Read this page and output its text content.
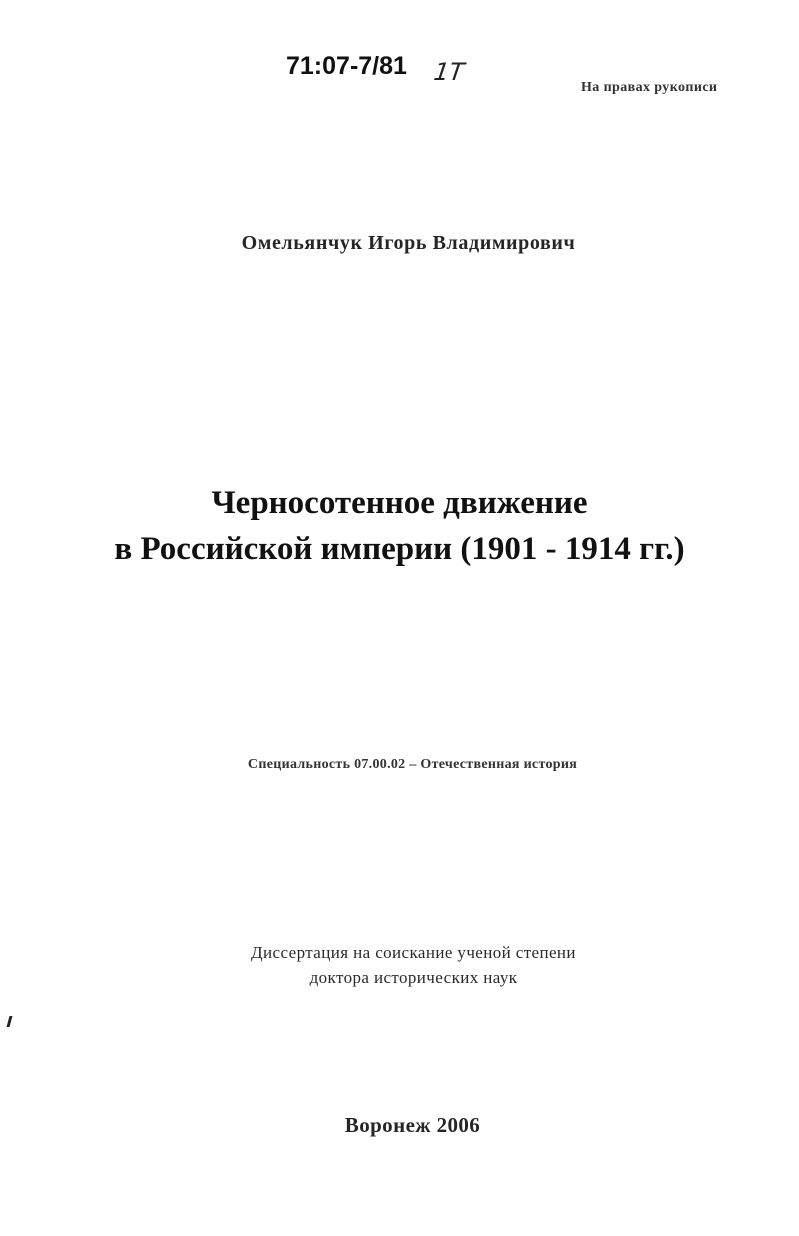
71:07-7/81 1Т
На правах рукописи
Омельянчук Игорь Владимирович
Черносотенное движение
в Российской империи (1901 - 1914 гг.)
Специальность 07.00.02 – Отечественная история
Диссертация на соискание ученой степени
доктора исторических наук
Воронеж 2006
